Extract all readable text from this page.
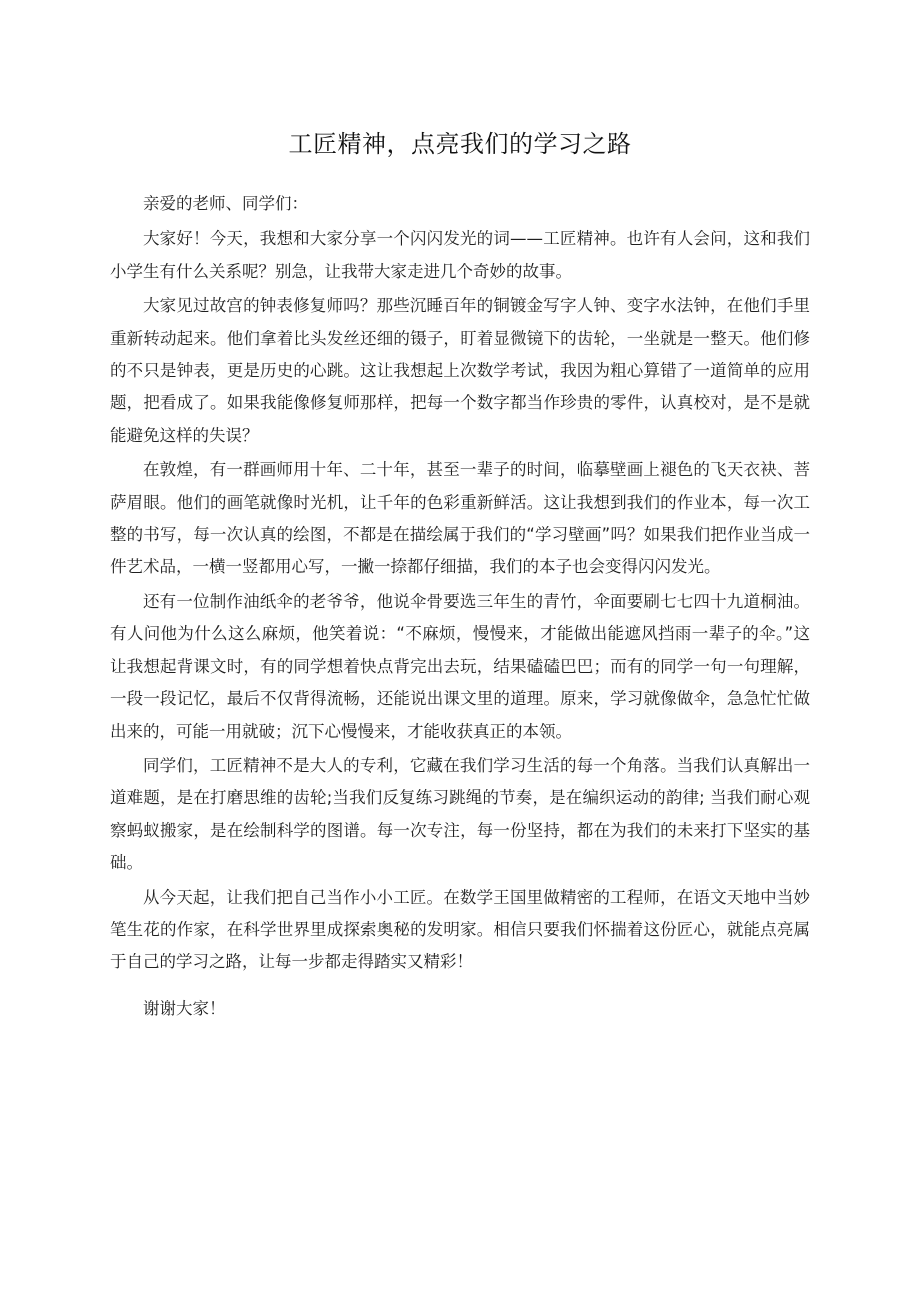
工匠精神，点亮我们的学习之路

亲爱的老师、同学们：

大家好！今天，我想和大家分享一个闪闪发光的词——工匠精神。也许有人会问，这和我们小学生有什么关系呢？别急，让我带大家走进几个奇妙的故事。

大家见过故宫的钟表修复师吗？那些沉睡百年的铜镀金写字人钟、变字水法钟，在他们手里重新转动起来。他们拿着比头发丝还细的镊子，盯着显微镜下的齿轮，一坐就是一整天。他们修的不只是钟表，更是历史的心跳。这让我想起上次数学考试，我因为粗心算错了一道简单的应用题，把看成了。如果我能像修复师那样，把每一个数字都当作珍贵的零件，认真校对，是不是就能避免这样的失误？

在敦煌，有一群画师用十年、二十年，甚至一辈子的时间，临摹壁画上褪色的飞天衣袂、菩萨眉眼。他们的画笔就像时光机，让千年的色彩重新鲜活。这让我想到我们的作业本，每一次工整的书写，每一次认真的绘图，不都是在描绘属于我们的“学习壁画”吗？如果我们把作业当成一件艺术品，一横一竖都用心写，一撇一捺都仔细描，我们的本子也会变得闪闪发光。

还有一位制作油纸伞的老爷爷，他说伞骨要选三年生的青竹，伞面要刷七七四十九道桐油。有人问他为什么这么麻烦，他笑着说：“不麻烦，慢慢来，才能做出能遮风挡雨一辈子的伞。”这让我想起背课文时，有的同学想着快点背完出去玩，结果磕磕巴巴；而有的同学一句一句理解，一段一段记忆，最后不仅背得流畅，还能说出课文里的道理。原来，学习就像做伞，急急忙忙做出来的，可能一用就破；沉下心慢慢来，才能收获真正的本领。

同学们，工匠精神不是大人的专利，它藏在我们学习生活的每一个角落。当我们认真解出一道难题，是在打磨思维的齿轮;当我们反复练习跳绳的节奏，是在编织运动的韵律; 当我们耐心观察蚂蚁搬家，是在绘制科学的图谱。每一次专注，每一份坚持，都在为我们的未来打下坚实的基础。

从今天起，让我们把自己当作小小工匠。在数学王国里做精密的工程师，在语文天地中当妙笔生花的作家，在科学世界里成探索奥秘的发明家。相信只要我们怀揣着这份匠心，就能点亮属于自己的学习之路，让每一步都走得踏实又精彩！

谢谢大家！
